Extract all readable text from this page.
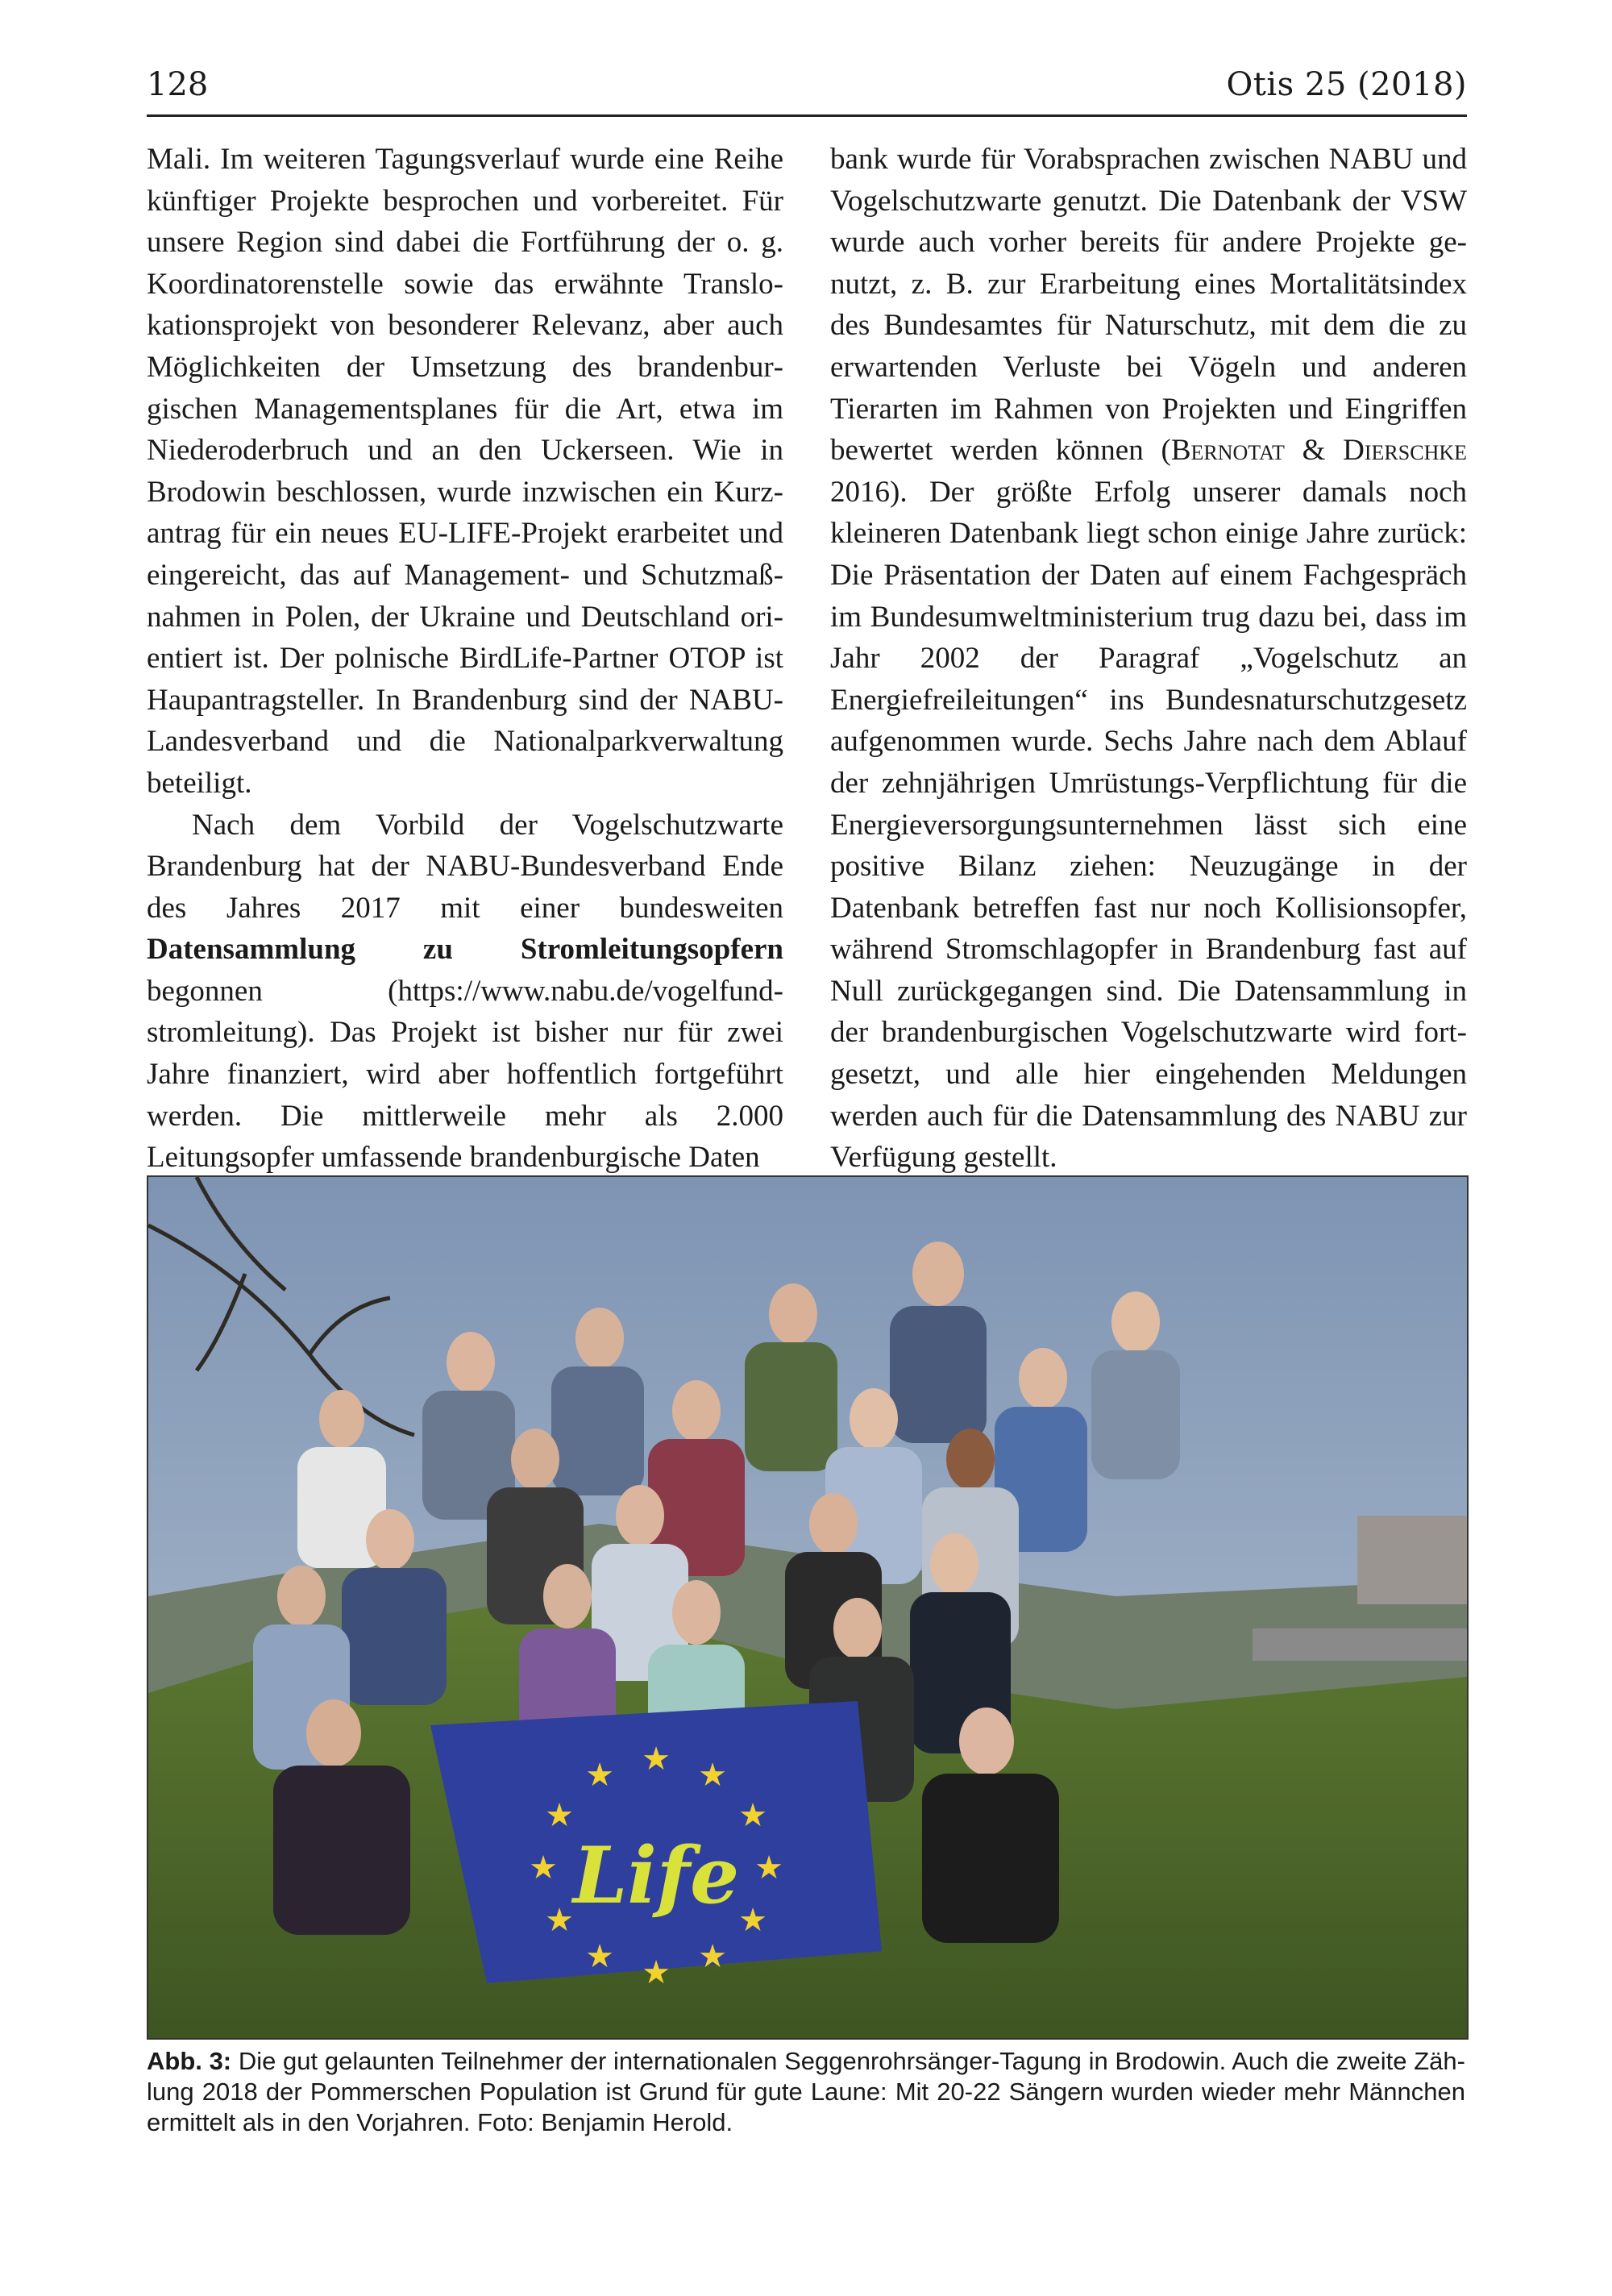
128	Otis 25 (2018)

Mali. Im weiteren Tagungsverlauf wurde eine Reihe künftiger Projekte besprochen und vorbereitet. Für unsere Region sind dabei die Fortführung der o. g. Koordinatorenstelle sowie das erwähnte Translokationsprojekt von besonderer Relevanz, aber auch Möglichkeiten der Umsetzung des brandenburgischen Managementsplanes für die Art, etwa im Niederoderbruch und an den Uckerseen. Wie in Brodowin beschlossen, wurde inzwischen ein Kurzantrag für ein neues EU-LIFE-Projekt erarbeitet und eingereicht, das auf Management- und Schutzmaßnahmen in Polen, der Ukraine und Deutschland orientiert ist. Der polnische BirdLife-Partner OTOP ist Haupantragsteller. In Brandenburg sind der NABU-Landesverband und die Nationalparkverwaltung beteiligt.

Nach dem Vorbild der Vogelschutzwarte Brandenburg hat der NABU-Bundesverband Ende des Jahres 2017 mit einer bundesweiten Datensammlung zu Stromleitungsopfern begonnen (https://www.nabu.de/vogelfund-stromleitung). Das Projekt ist bisher nur für zwei Jahre finanziert, wird aber hoffentlich fortgeführt werden. Die mittlerweile mehr als 2.000 Leitungsopfer umfassende brandenburgische Daten

bank wurde für Vorabsprachen zwischen NABU und Vogelschutzwarte genutzt. Die Datenbank der VSW wurde auch vorher bereits für andere Projekte genutzt, z. B. zur Erarbeitung eines Mortalitätsindex des Bundesamtes für Naturschutz, mit dem die zu erwartenden Verluste bei Vögeln und anderen Tierarten im Rahmen von Projekten und Eingriffen bewertet werden können (Bernotat & Dierschke 2016). Der größte Erfolg unserer damals noch kleineren Datenbank liegt schon einige Jahre zurück: Die Präsentation der Daten auf einem Fachgespräch im Bundesumweltministerium trug dazu bei, dass im Jahr 2002 der Paragraf „Vogelschutz an Energiefreileitungen“ ins Bundesnaturschutzgesetz aufgenommen wurde. Sechs Jahre nach dem Ablauf der zehnjährigen Umrüstungs-Verpflichtung für die Energieversorgungsunternehmen lässt sich eine positive Bilanz ziehen: Neuzugänge in der Datenbank betreffen fast nur noch Kollisionsopfer, während Stromschlagopfer in Brandenburg fast auf Null zurückgegangen sind. Die Datensammlung in der brandenburgischen Vogelschutzwarte wird fortgesetzt, und alle hier eingehenden Meldungen werden auch für die Datensammlung des NABU zur Verfügung gestellt.

★ ★
★
★
★
★
★
★
★
★
★
★
Life
Abb. 3: Die gut gelaunten Teilnehmer der internationalen Seggenrohrsänger-Tagung in Brodowin. Auch die zweite Zählung 2018 der Pommerschen Population ist Grund für gute Laune: Mit 20-22 Sängern wurden wieder mehr Männchen ermittelt als in den Vorjahren. Foto: Benjamin Herold.
